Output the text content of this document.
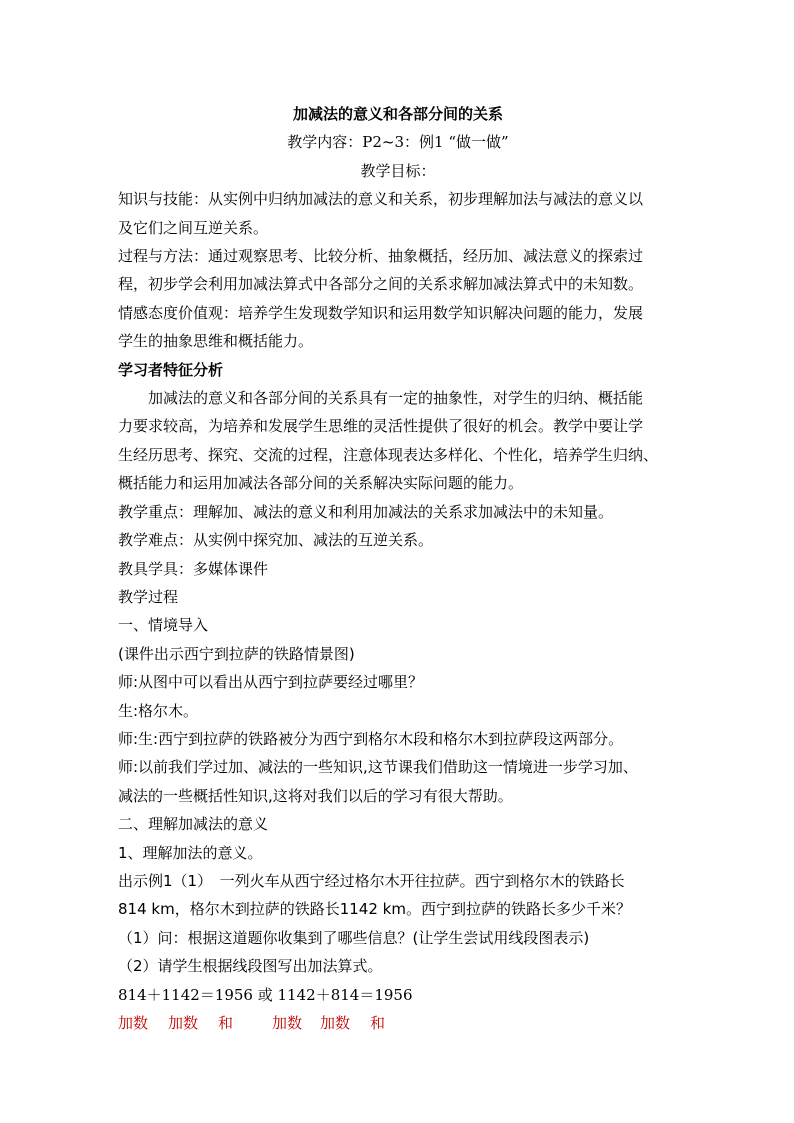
加减法的意义和各部分间的关系
教学内容：P2~3：例1 “做一做”
教学目标：
知识与技能：从实例中归纳加减法的意义和关系，初步理解加法与减法的意义以
及它们之间互逆关系。
过程与方法：通过观察思考、比较分析、抽象概括，经历加、减法意义的探索过
程，初步学会利用加减法算式中各部分之间的关系求解加减法算式中的未知数。
情感态度价值观：培养学生发现数学知识和运用数学知识解决问题的能力，发展
学生的抽象思维和概括能力。
学习者特征分析
加减法的意义和各部分间的关系具有一定的抽象性，对学生的归纳、概括能
力要求较高，为培养和发展学生思维的灵活性提供了很好的机会。教学中要让学
生经历思考、探究、交流的过程，注意体现表达多样化、个性化，培养学生归纳、
概括能力和运用加减法各部分间的关系解决实际问题的能力。
教学重点：理解加、减法的意义和利用加减法的关系求加减法中的未知量。
教学难点：从实例中探究加、减法的互逆关系。
教具学具：多媒体课件
教学过程
一、情境导入
(课件出示西宁到拉萨的铁路情景图)
师:从图中可以看出从西宁到拉萨要经过哪里？
生:格尔木。
师:生:西宁到拉萨的铁路被分为西宁到格尔木段和格尔木到拉萨段这两部分。
师:以前我们学过加、减法的一些知识,这节课我们借助这一情境进一步学习加、
减法的一些概括性知识,这将对我们以后的学习有很大帮助。
二、理解加减法的意义
1、理解加法的意义。
出示例1（1）　一列火车从西宁经过格尔木开往拉萨。西宁到格尔木的铁路长
814 km，格尔木到拉萨的铁路长1142 km。西宁到拉萨的铁路长多少千米？
（1）问：根据这道题你收集到了哪些信息？(让学生尝试用线段图表示)
（2）请学生根据线段图写出加法算式。
814＋1142＝1956 或 1142＋814＝1956
加数 加数 和	加数 加数 和
